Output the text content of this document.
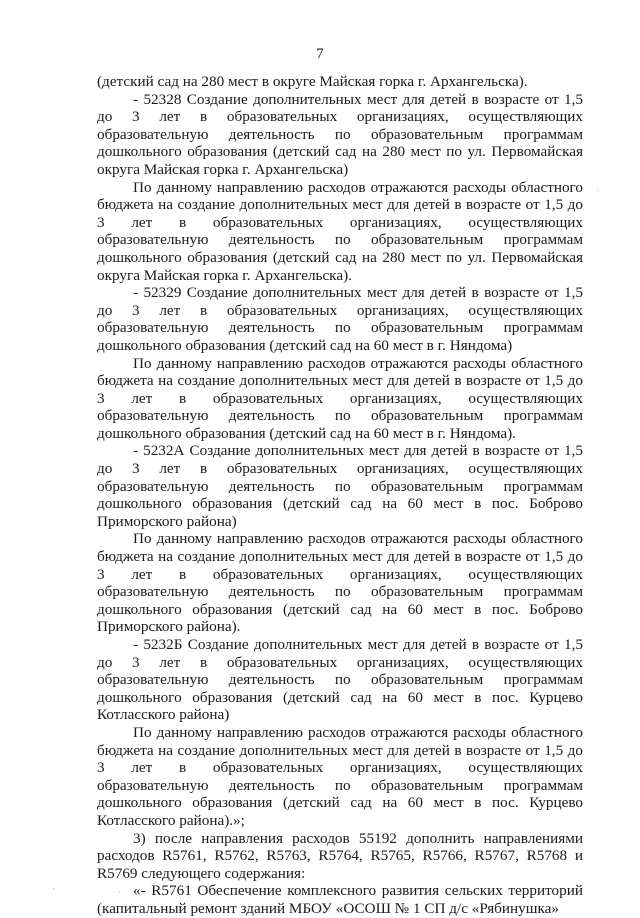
7

(детский сад на 280 мест в округе Майская горка г. Архангельска).

- 52328 Создание дополнительных мест для детей в возрасте от 1,5 до 3 лет в образовательных организациях, осуществляющих образовательную деятельность по образовательным программам дошкольного образования (детский сад на 280 мест по ул. Первомайская округа Майская горка г. Архангельска)

По данному направлению расходов отражаются расходы областного бюджета на создание дополнительных мест для детей в возрасте от 1,5 до 3 лет в образовательных организациях, осуществляющих образовательную деятельность по образовательным программам дошкольного образования (детский сад на 280 мест по ул. Первомайская округа Майская горка г. Архангельска).

- 52329 Создание дополнительных мест для детей в возрасте от 1,5 до 3 лет в образовательных организациях, осуществляющих образовательную деятельность по образовательным программам дошкольного образования (детский сад на 60 мест в г. Няндома)

По данному направлению расходов отражаются расходы областного бюджета на создание дополнительных мест для детей в возрасте от 1,5 до 3 лет в образовательных организациях, осуществляющих образовательную деятельность по образовательным программам дошкольного образования (детский сад на 60 мест в г. Няндома).

- 5232А Создание дополнительных мест для детей в возрасте от 1,5 до 3 лет в образовательных организациях, осуществляющих образовательную деятельность по образовательным программам дошкольного образования (детский сад на 60 мест в пос. Боброво Приморского района)

По данному направлению расходов отражаются расходы областного бюджета на создание дополнительных мест для детей в возрасте от 1,5 до 3 лет в образовательных организациях, осуществляющих образовательную деятельность по образовательным программам дошкольного образования (детский сад на 60 мест в пос. Боброво Приморского района).

- 5232Б Создание дополнительных мест для детей в возрасте от 1,5 до 3 лет в образовательных организациях, осуществляющих образовательную деятельность по образовательным программам дошкольного образования (детский сад на 60 мест в пос. Курцево Котласского района)

По данному направлению расходов отражаются расходы областного бюджета на создание дополнительных мест для детей в возрасте от 1,5 до 3 лет в образовательных организациях, осуществляющих образовательную деятельность по образовательным программам дошкольного образования (детский сад на 60 мест в пос. Курцево Котласского района).»;

3) после направления расходов 55192 дополнить направлениями расходов R5761, R5762, R5763, R5764, R5765, R5766, R5767, R5768 и R5769 следующего содержания:

«- R5761 Обеспечение комплексного развития сельских территорий (капитальный ремонт зданий МБОУ «ОСОШ № 1 СП д/с «Рябинушка»

·	·
·
